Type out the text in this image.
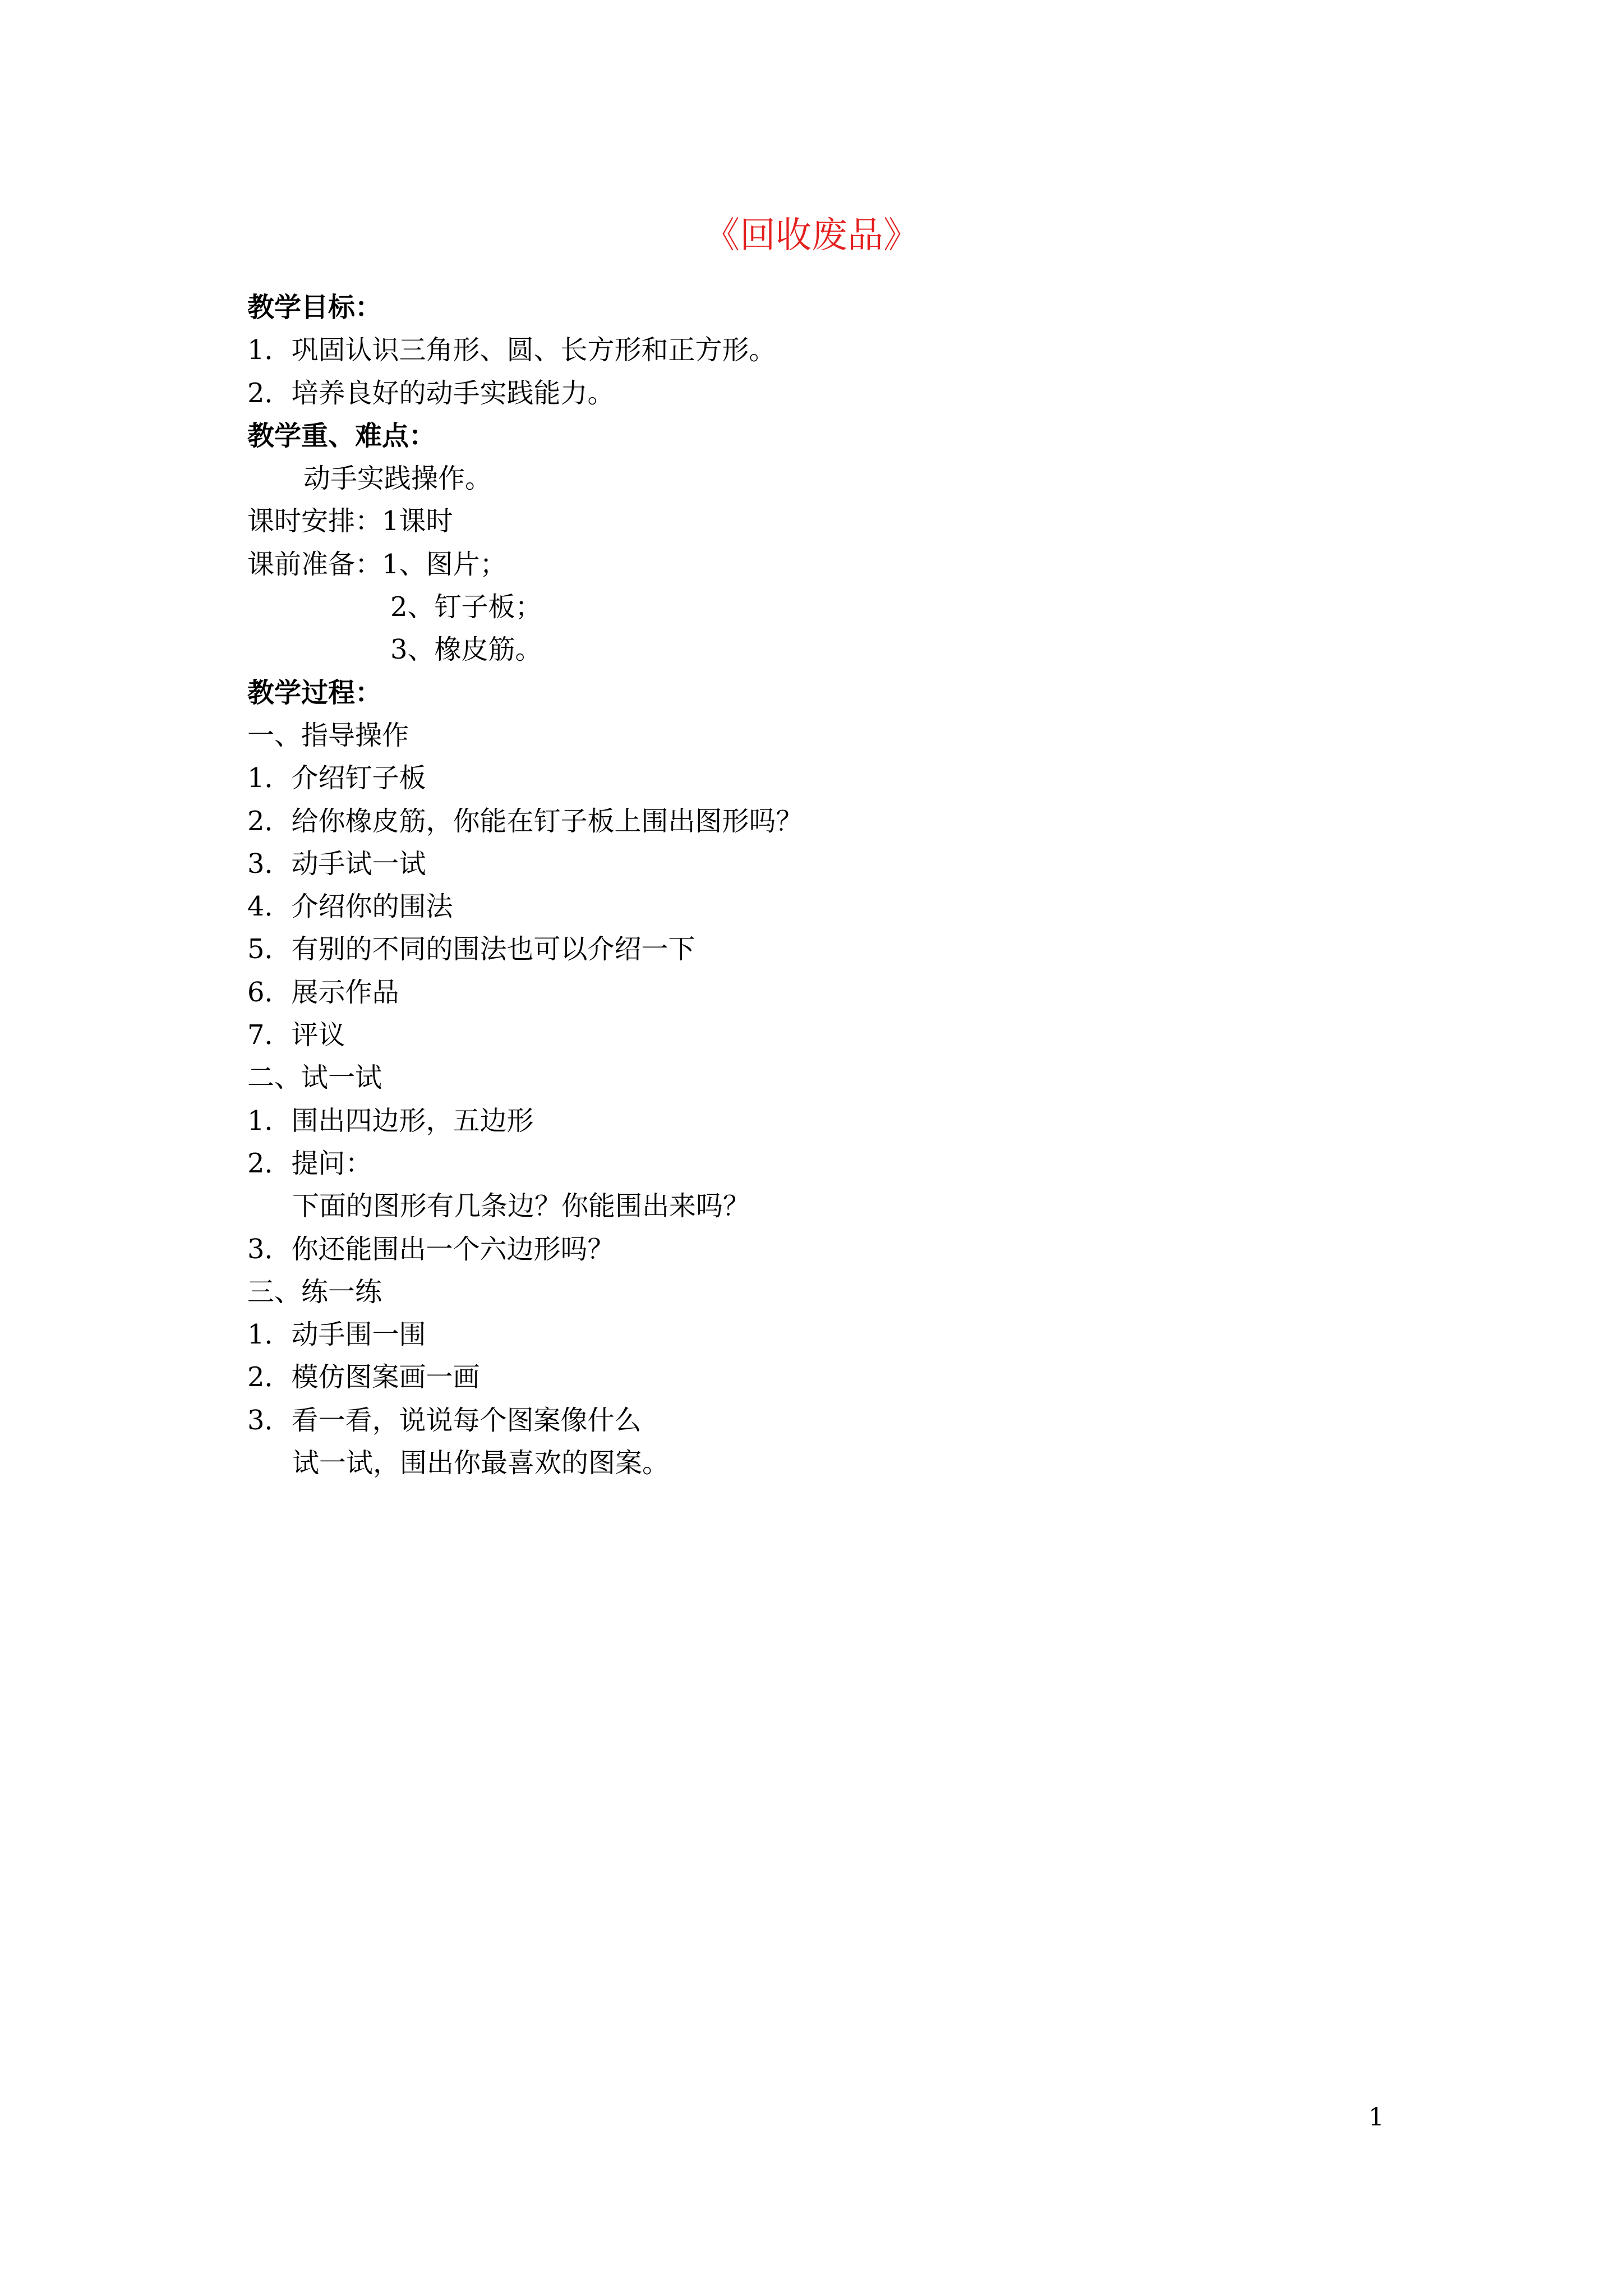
《回收废品》
教学目标：
1．巩固认识三角形、圆、长方形和正方形。
2．培养良好的动手实践能力。
教学重、难点：
动手实践操作。
课时安排：1课时
课前准备：1、图片；
2、钉子板；
3、橡皮筋。
教学过程：
一、指导操作
1．介绍钉子板
2．给你橡皮筋，你能在钉子板上围出图形吗？
3．动手试一试
4．介绍你的围法
5．有别的不同的围法也可以介绍一下
6．展示作品
7．评议
二、试一试
1．围出四边形，五边形
2．提问：
下面的图形有几条边？你能围出来吗？
3．你还能围出一个六边形吗？
三、练一练
1．动手围一围
2．模仿图案画一画
3．看一看，说说每个图案像什么
试一试，围出你最喜欢的图案。
1
